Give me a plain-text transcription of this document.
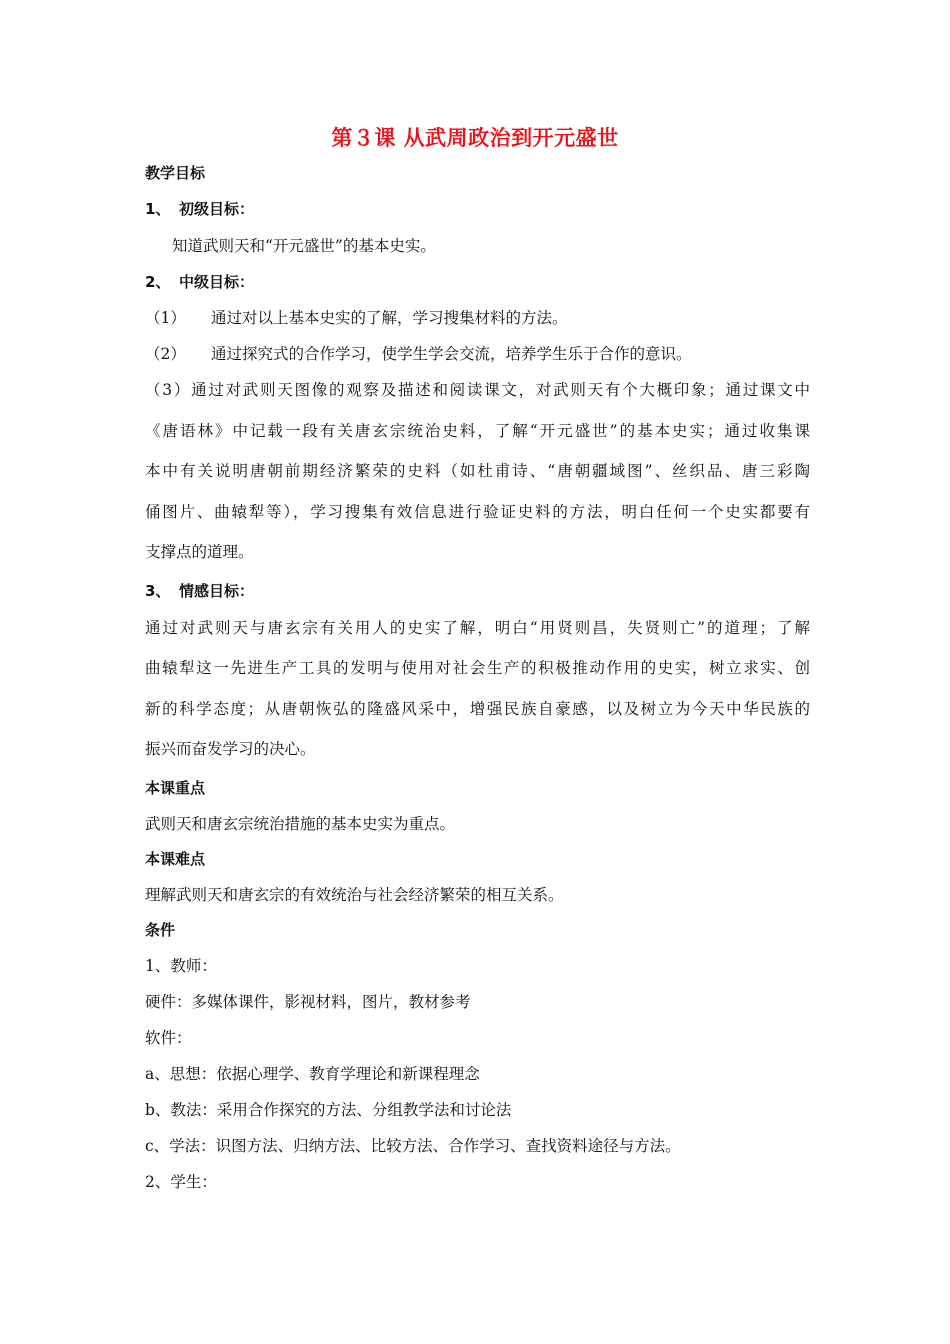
第３课 从武周政治到开元盛世
教学目标
1、 初级目标：
知道武则天和“开元盛世”的基本史实。
2、 中级目标：
（1） 通过对以上基本史实的了解，学习搜集材料的方法。
（2） 通过探究式的合作学习，使学生学会交流，培养学生乐于合作的意识。
（3）通过对武则天图像的观察及描述和阅读课文，对武则天有个大概印象；通过课文中
《唐语林》中记载一段有关唐玄宗统治史料，了解“开元盛世”的基本史实；通过收集课
本中有关说明唐朝前期经济繁荣的史料（如杜甫诗、“唐朝疆域图”、丝织品、唐三彩陶
俑图片、曲辕犁等），学习搜集有效信息进行验证史料的方法，明白任何一个史实都要有
支撑点的道理。
3、 情感目标：
通过对武则天与唐玄宗有关用人的史实了解，明白“用贤则昌，失贤则亡”的道理；了解
曲辕犁这一先进生产工具的发明与使用对社会生产的积极推动作用的史实，树立求实、创
新的科学态度；从唐朝恢弘的隆盛风采中，增强民族自豪感，以及树立为今天中华民族的
振兴而奋发学习的决心。
本课重点
武则天和唐玄宗统治措施的基本史实为重点。
本课难点
理解武则天和唐玄宗的有效统治与社会经济繁荣的相互关系。
条件
1、教师：
硬件：多媒体课件，影视材料，图片，教材参考
软件：
a、思想：依据心理学、教育学理论和新课程理念
b、教法：采用合作探究的方法、分组教学法和讨论法
c、学法：识图方法、归纳方法、比较方法、合作学习、查找资料途径与方法。
2、学生：
